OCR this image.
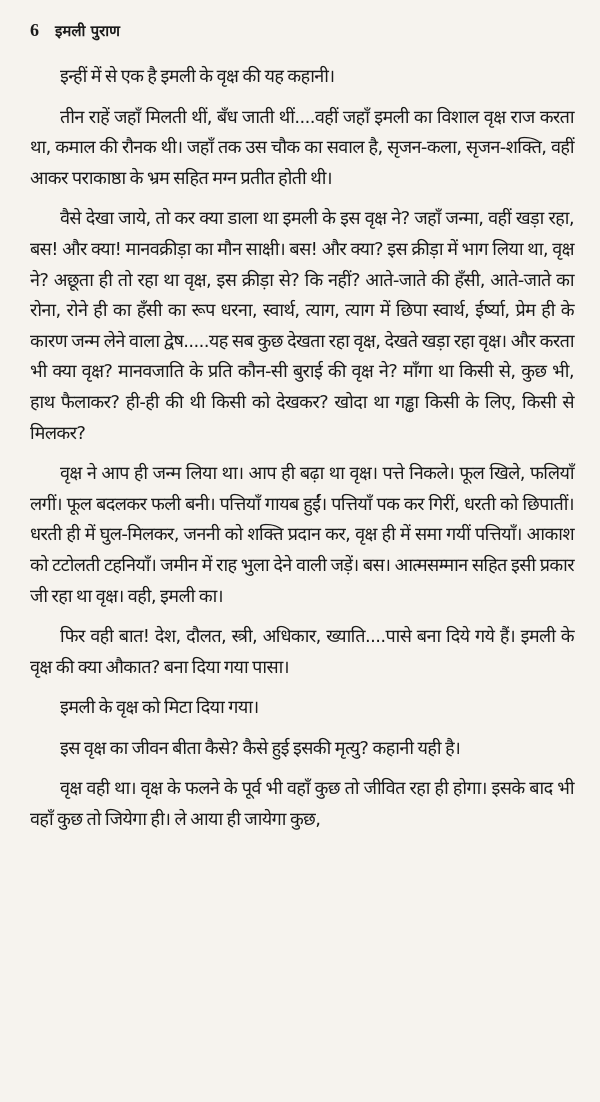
6 इमली पुराण

इन्हीं में से एक है इमली के वृक्ष की यह कहानी।

तीन राहें जहाँ मिलती थीं, बँध जाती थीं....वहीं जहाँ इमली का विशाल वृक्ष राज करता था, कमाल की रौनक थी। जहाँ तक उस चौक का सवाल है, सृजन-कला, सृजन-शक्ति, वहीं आकर पराकाष्ठा के भ्रम सहित मग्न प्रतीत होती थी।

वैसे देखा जाये, तो कर क्या डाला था इमली के इस वृक्ष ने? जहाँ जन्मा, वहीं खड़ा रहा, बस! और क्या! मानवक्रीड़ा का मौन साक्षी। बस! और क्या? इस क्रीड़ा में भाग लिया था, वृक्ष ने? अछूता ही तो रहा था वृक्ष, इस क्रीड़ा से? कि नहीं? आते-जाते की हँसी, आते-जाते का रोना, रोने ही का हँसी का रूप धरना, स्वार्थ, त्याग, त्याग में छिपा स्वार्थ, ईर्ष्या, प्रेम ही के कारण जन्म लेने वाला द्वेष.....यह सब कुछ देखता रहा वृक्ष, देखते खड़ा रहा वृक्ष। और करता भी क्या वृक्ष? मानवजाति के प्रति कौन-सी बुराई की वृक्ष ने? माँगा था किसी से, कुछ भी, हाथ फैलाकर? ही-ही की थी किसी को देखकर? खोदा था गड्ढा किसी के लिए, किसी से मिलकर?

वृक्ष ने आप ही जन्म लिया था। आप ही बढ़ा था वृक्ष। पत्ते निकले। फूल खिले, फलियाँ लगीं। फूल बदलकर फली बनी। पत्तियाँ गायब हुईं। पत्तियाँ पक कर गिरीं, धरती को छिपातीं। धरती ही में घुल-मिलकर, जननी को शक्ति प्रदान कर, वृक्ष ही में समा गयीं पत्तियाँ। आकाश को टटोलती टहनियाँ। जमीन में राह भुला देने वाली जड़ें। बस। आत्मसम्मान सहित इसी प्रकार जी रहा था वृक्ष। वही, इमली का।

फिर वही बात! देश, दौलत, स्त्री, अधिकार, ख्याति....पासे बना दिये गये हैं। इमली के वृक्ष की क्या औकात? बना दिया गया पासा।

इमली के वृक्ष को मिटा दिया गया।

इस वृक्ष का जीवन बीता कैसे? कैसे हुई इसकी मृत्यु? कहानी यही है।

वृक्ष वही था। वृक्ष के फलने के पूर्व भी वहाँ कुछ तो जीवित रहा ही होगा। इसके बाद भी वहाँ कुछ तो जियेगा ही। ले आया ही जायेगा कुछ,
